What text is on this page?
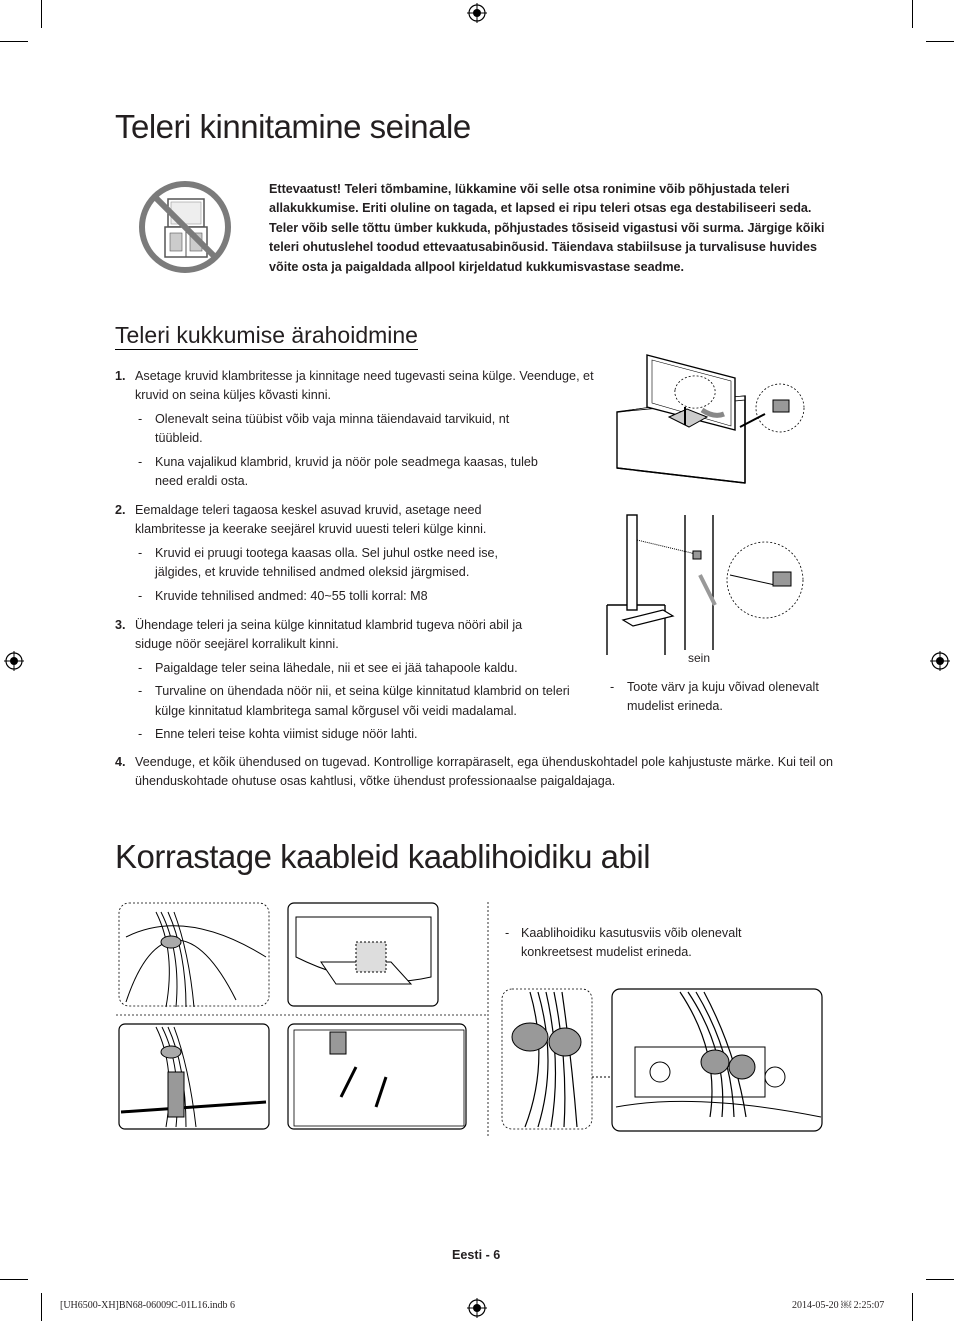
Teleri kinnitamine seinale
Ettevaatust! Teleri tõmbamine, lükkamine või selle otsa ronimine võib põhjustada teleri allakukkumise. Eriti oluline on tagada, et lapsed ei ripu teleri otsas ega destabiliseeri seda. Teler võib selle tõttu ümber kukkuda, põhjustades tõsiseid vigastusi või surma. Järgige kõiki teleri ohutuslehel toodud ettevaatusabinõusid. Täiendava stabiilsuse ja turvalisuse huvides võite osta ja paigaldada allpool kirjeldatud kukkumisvastase seadme.
Teleri kukkumise ärahoidmine
1. Asetage kruvid klambritesse ja kinnitage need tugevasti seina külge. Veenduge, et kruvid on seina küljes kõvasti kinni.
- Olenevalt seina tüübist võib vaja minna täiendavaid tarvikuid, nt tüübleid.
- Kuna vajalikud klambrid, kruvid ja nöör pole seadmega kaasas, tuleb need eraldi osta.
2. Eemaldage teleri tagaosa keskel asuvad kruvid, asetage need klambritesse ja keerake seejärel kruvid uuesti teleri külge kinni.
- Kruvid ei pruugi tootega kaasas olla. Sel juhul ostke need ise, jälgides, et kruvide tehnilised andmed oleksid järgmised.
- Kruvide tehnilised andmed: 40~55 tolli korral: M8
3. Ühendage teleri ja seina külge kinnitatud klambrid tugeva nööri abil ja siduge nöör seejärel korralikult kinni.
- Paigaldage teler seina lähedale, nii et see ei jää tahapoole kaldu.
- Turvaline on ühendada nöör nii, et seina külge kinnitatud klambrid on teleri külge kinnitatud klambritega samal kõrgusel või veidi madalamal.
- Enne teleri teise kohta viimist siduge nöör lahti.
4. Veenduge, et kõik ühendused on tugevad. Kontrollige korrapäraselt, ega ühenduskohtadel pole kahjustuste märke. Kui teil on ühenduskohtade ohutuse osas kahtlusi, võtke ühendust professionaalse paigaldajaga.
sein
- Toote värv ja kuju võivad olenevalt mudelist erineda.
Korrastage kaableid kaablihoidiku abil
- Kaablihoidiku kasutusviis võib olenevalt konkreetsest mudelist erineda.
Eesti - 6
[UH6500-XH]BN68-06009C-01L16.indb 6	2014-05-20 ￼ 2:25:07
